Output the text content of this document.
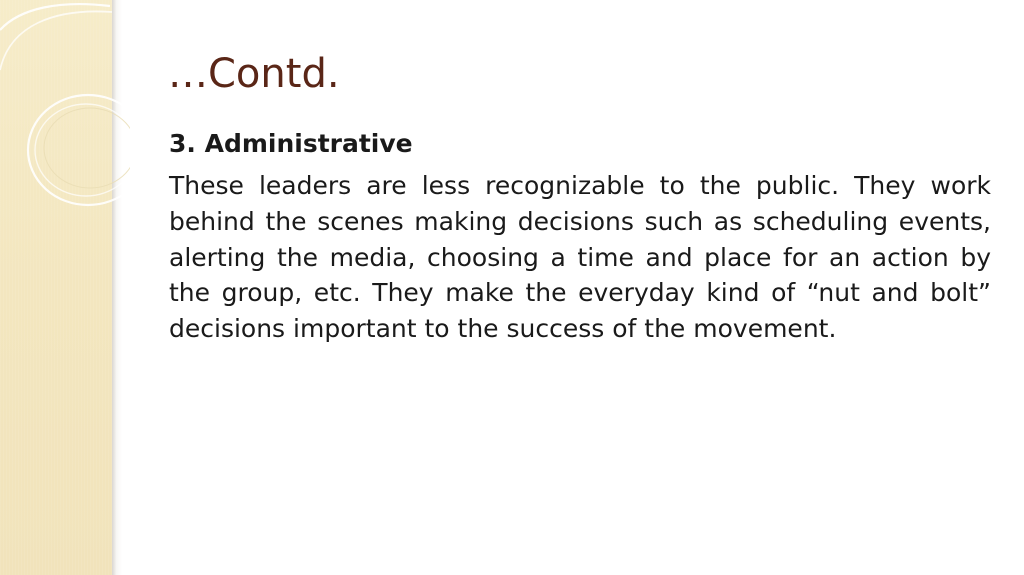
…Contd.

3. Administrative

These leaders are less recognizable to the public. They work behind the scenes making decisions such as scheduling events, alerting the media, choosing a time and place for an action by the group, etc. They make the everyday kind of “nut and bolt” decisions important to the success of the movement.
